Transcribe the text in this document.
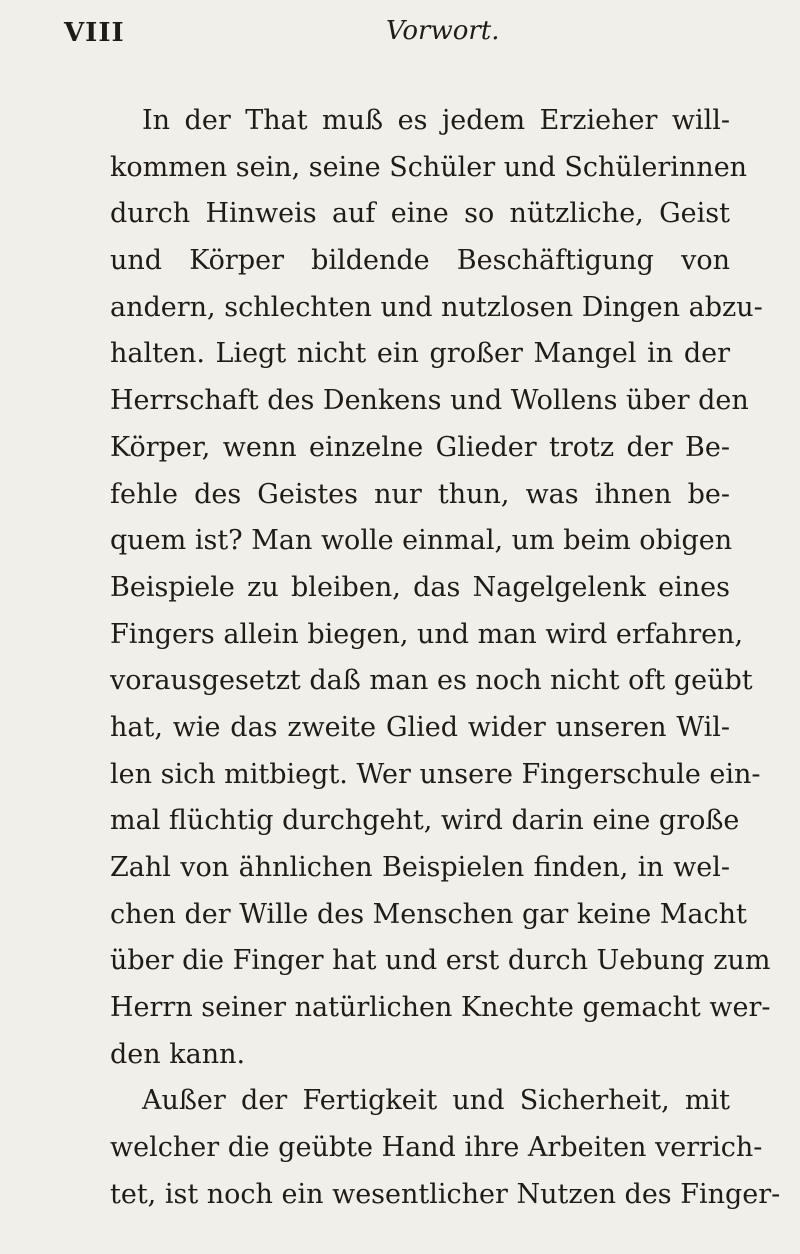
VIII	Vorwort.
In der That muß es jedem Erzieher will-
kommen sein, seine Schüler und Schülerinnen
durch Hinweis auf eine so nützliche, Geist
und Körper bildende Beschäftigung von
andern, schlechten und nutzlosen Dingen abzu-
halten. Liegt nicht ein großer Mangel in der
Herrschaft des Denkens und Wollens über den
Körper, wenn einzelne Glieder trotz der Be-
fehle des Geistes nur thun, was ihnen be-
quem ist? Man wolle einmal, um beim obigen
Beispiele zu bleiben, das Nagelgelenk eines
Fingers allein biegen, und man wird erfahren,
vorausgesetzt daß man es noch nicht oft geübt
hat, wie das zweite Glied wider unseren Wil-
len sich mitbiegt. Wer unsere Fingerschule ein-
mal flüchtig durchgeht, wird darin eine große
Zahl von ähnlichen Beispielen finden, in wel-
chen der Wille des Menschen gar keine Macht
über die Finger hat und erst durch Uebung zum
Herrn seiner natürlichen Knechte gemacht wer-
den kann.
Außer der Fertigkeit und Sicherheit, mit
welcher die geübte Hand ihre Arbeiten verrich-
tet, ist noch ein wesentlicher Nutzen des Finger-
